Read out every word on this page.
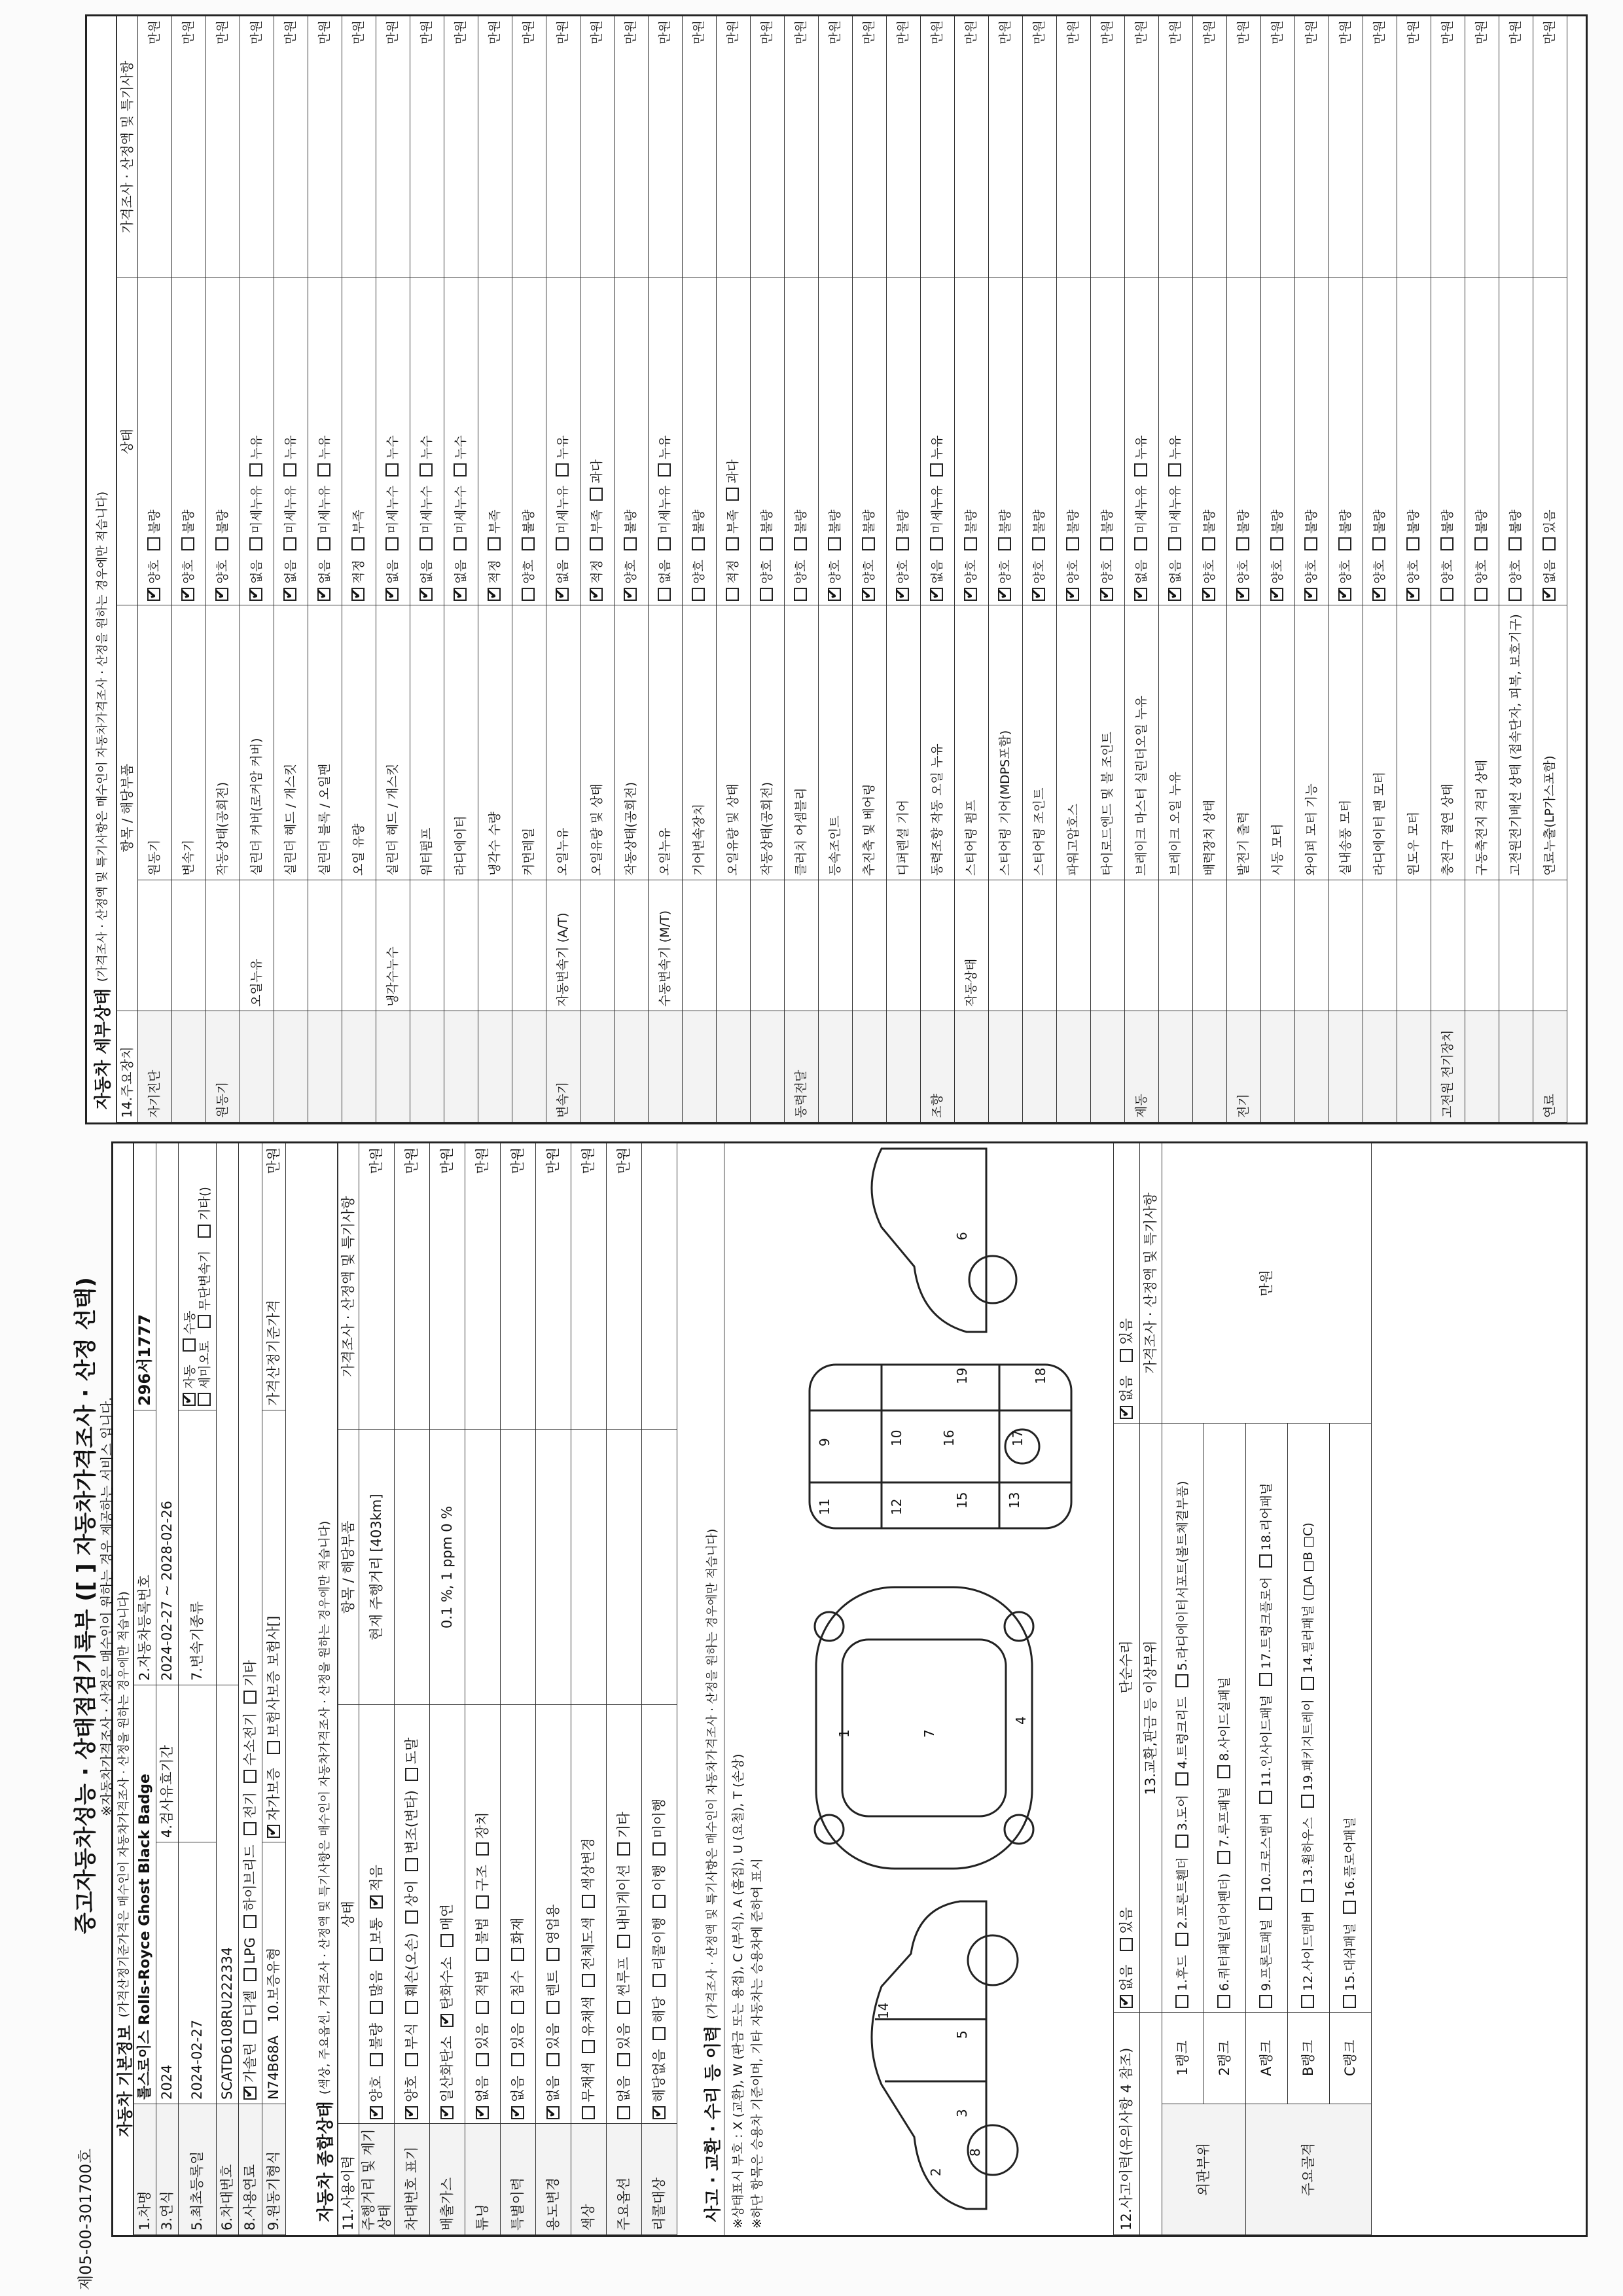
제05-00-301700호
중고자동차성능 · 상태점검기록부 ([ ] 자동차가격조사 · 산정 선택) ※자동차가격조사 · 산정은 매수인이 원하는 경우 제공하는 서비스 입니다.
자동차 기본정보
(가격산정기준가격은 매수인이 자동차가격조사 · 산정을 원하는 경우에만 적습니다)
1.차명	롤스로이스 Rolls-Royce Ghost Black Badge		2.자동차등록번호	296서1777
3.연식	2024	4.검사유효기간	2024-02-27 ~ 2028-02-26	
5.최초등록일	2024-02-27		7.변속기종류	✔자동 수동
세미오토 무단변속기 기타()
6.차대번호	SCATD6108RU222334			
8.사용연료	✔가솔린디젤LPG하이브리드전기수소전기기타
9.원동기형식	N74B68A   10.보증유형	✔자가보증 보험사보증 보험사[]		가격산정기준가격
만원
자동차 종합상태
(색상, 주요옵션, 가격조사 · 산정액 및 특기사항은 매수인이 자동차가격조사 · 산정을 원하는 경우에만 적습니다)
11.사용이력	상태	항목 / 해당부품	가격조사 · 산정액 및 특기사항
주행거리 및 계기상태	✔양호불량많음보통✔적음	현재 주행거리 [403km]	만원
차대번호 표기	✔양호부식훼손(오손)상이변조(변타)도말		만원
배출가스	✔일산화탄소✔탄화수소매연	0.1 %, 1 ppm 0 %	만원
튜닝	✔없음있음적법불법구조장치		만원
특별이력	✔없음있음침수화재		만원
용도변경	✔없음있음렌트영업용		만원
색상	무채색유채색전체도색색상변경		만원
주요옵션	없음있음썬루프내비게이션기타		만원
리콜대상	✔해당없음해당리콜이행이행미이행		
사고 · 교환 · 수리 등 이력
(가격조사 · 산정액 및 특기사항은 매수인이 자동차가격조사 · 산정을 원하는 경우에만 적습니다) ※상태표시 부호 : X (교환), W (판금 또는 용접), C (부식), A (흠집), U (요철), T (손상) ※하단 항목은 승용차 기준이며, 기타 자동차는 승용차에 준하여 표시
1
2
3
4
5
6
7
8
9	10
11	12	13
14
15
16	17
18
19
12.사고이력(유의사항 4 참조)	✔없음 있음 단순수리	✔없음 있음
		13.교환,판금 등 이상부위	가격조사 · 산정액 및 특기사항
외판부위	1랭크	1.후드2.프론트휀더3.도어4.트렁크리드5.라디에이터서포트(볼트체결부품)	만원
	2랭크	6.쿼터패널(리어펜더)7.루프패널8.사이드실패널	
주요골격	A랭크	9.프론트패널10.크로스멤버11.인사이드패널17.트렁크플로어18.리어패널	
	B랭크	12.사이드멤버13.휠하우스19.패키지트레이14.필러패널 (□A □B □C)	
	C랭크	15.대쉬패널16.플로어패널	
자동차 세부상태
(가격조사 · 산정액 및 특기사항은 매수인이 자동차가격조사 · 산정을 원하는 경우에만 적습니다)
14.주요장치	항목 / 해당부품		상태	가격조사 · 산정액 및 특기사항
자기진단		원동기	✔양호불량	만원
		변속기	✔양호불량	만원
원동기		작동상태(공회전)	✔양호불량	만원
	오일누유	실린더 커버(로커암 커버)	✔없음미세누유누유	만원
		실린더 헤드 / 개스킷	✔없음미세누유누유	만원
		실린더 블록 / 오일팬	✔없음미세누유누유	만원
		오일 유량	✔적정부족	만원
	냉각수누수	실린더 헤드 / 개스킷	✔없음미세누수누수	만원
		워터펌프	✔없음미세누수누수	만원
		라디에이터	✔없음미세누수누수	만원
		냉각수 수량	✔적정부족	만원
		커먼레일	양호불량	만원
변속기	자동변속기 (A/T)	오일누유	✔없음미세누유누유	만원
		오일유량 및 상태	✔적정부족과다	만원
		작동상태(공회전)	✔양호불량	만원
	수동변속기 (M/T)	오일누유	없음미세누유누유	만원
		기어변속장치	양호불량	만원
		오일유량 및 상태	적정부족과다	만원
		작동상태(공회전)	양호불량	만원
동력전달		클러치 어셈블리	양호불량	만원
		등속조인트	✔양호불량	만원
		추진축 및 베어링	✔양호불량	만원
		디퍼렌셜 기어	✔양호불량	만원
조향		동력조향 작동 오일 누유	✔없음미세누유누유	만원
	작동상태	스티어링 펌프	✔양호불량	만원
		스티어링 기어(MDPS포함)	✔양호불량	만원
		스티어링 조인트	✔양호불량	만원
		파워고압호스	✔양호불량	만원
		타이로드엔드 및 볼 조인트	✔양호불량	만원
제동		브레이크 마스터 실린더오일 누유	✔없음미세누유누유	만원
		브레이크 오일 누유	✔없음미세누유누유	만원
		배력장치 상태	✔양호불량	만원
전기		발전기 출력	✔양호불량	만원
		시동 모터	✔양호불량	만원
		와이퍼 모터 기능	✔양호불량	만원
		실내송풍 모터	✔양호불량	만원
		라디에이터 팬 모터	✔양호불량	만원
		윈도우 모터	✔양호불량	만원
고전원 전기장치		충전구 절연 상태	양호불량	만원
		구동축전지 격리 상태	양호불량	만원
		고전원전기배선 상태 (접속단자, 피복, 보호기구)	양호불량	만원
연료		연료누출(LP가스포함)	✔없음있음	만원
